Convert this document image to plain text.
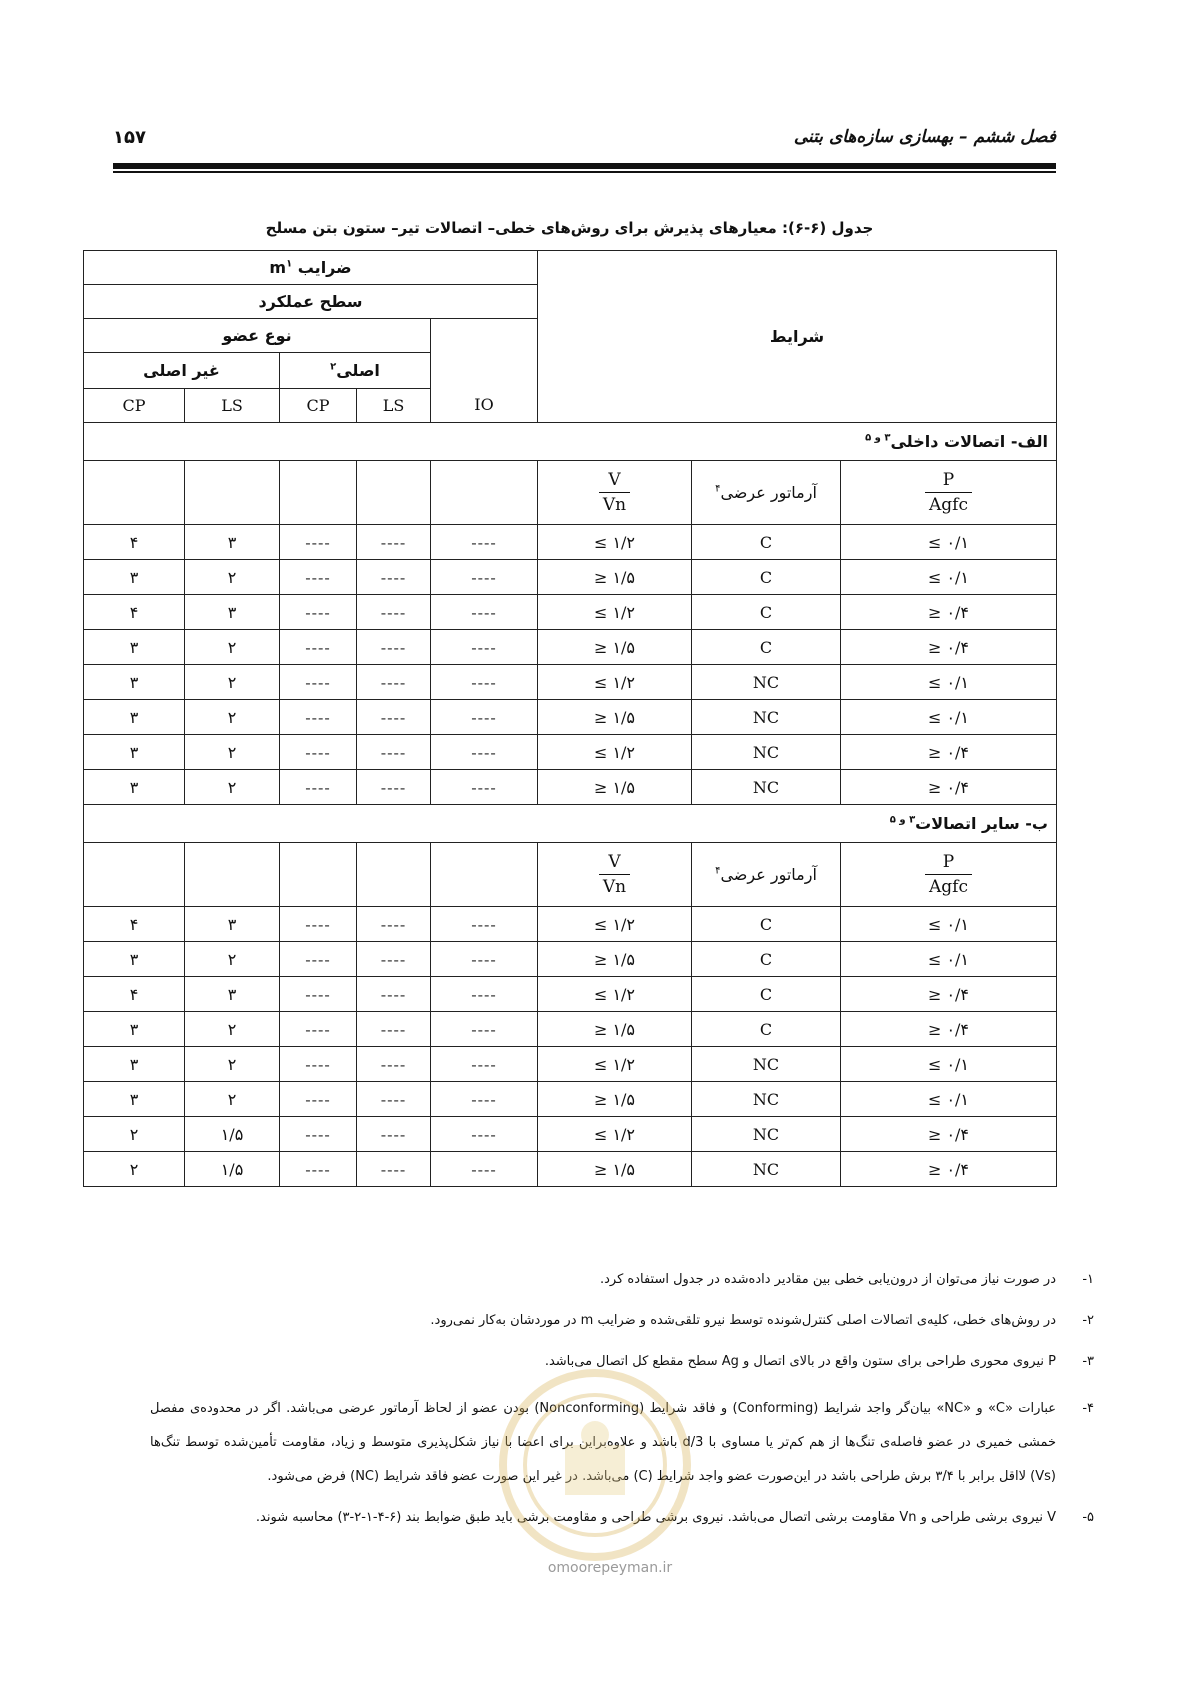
فصل ششم – بهسازی سازه‌های بتنی
۱۵۷
جدول (۶-۶): معیارهای پذیرش برای روش‌های خطی– اتصالات تیر– ستون بتن مسلح
ضرایب $m^۱$					شرایط		
سطح عملکرد							
نوع عضو				IO			
غیر اصلی		اصلی$^۲$
CP	LS	CP	LS				
الف- اتصالات داخلی$^{۳ و ۵}$

					$\frac{V}{Vn}$	آرماتور عرضی$^۴$	$\frac{P}{\text{Agfc}}$

۴	۳	----	----	----	≤ ۱/۲	C	≤ ۰/۱
۳	۲	----	----	----	≥ ۱/۵	C	≤ ۰/۱
۴	۳	----	----	----	≤ ۱/۲	C	≥ ۰/۴
۳	۲	----	----	----	≥ ۱/۵	C	≥ ۰/۴
۳	۲	----	----	----	≤ ۱/۲	NC	≤ ۰/۱
۳	۲	----	----	----	≥ ۱/۵	NC	≤ ۰/۱
۳	۲	----	----	----	≤ ۱/۲	NC	≥ ۰/۴
۳	۲	----	----	----	≥ ۱/۵	NC	≥ ۰/۴
ب- سایر اتصالات$^{۳ و ۵}$

					$\frac{V}{Vn}$	آرماتور عرضی$^۴$	$\frac{P}{\text{Agfc}}$

۴	۳	----	----	----	≤ ۱/۲	C	≤ ۰/۱
۳	۲	----	----	----	≥ ۱/۵	C	≤ ۰/۱
۴	۳	----	----	----	≤ ۱/۲	C	≥ ۰/۴
۳	۲	----	----	----	≥ ۱/۵	C	≥ ۰/۴
۳	۲	----	----	----	≤ ۱/۲	NC	≤ ۰/۱
۳	۲	----	----	----	≥ ۱/۵	NC	≤ ۰/۱
۲	۱/۵	----	----	----	≤ ۱/۲	NC	≥ ۰/۴
۲	۱/۵	----	----	----	≥ ۱/۵	NC	≥ ۰/۴
۱-
در صورت نیاز می‌توان از درون‌یابی خطی بین مقادیر داده‌شده در جدول استفاده کرد.
۲-
در روش‌های خطی، کلیه‌ی اتصالات اصلی کنترل‌شونده توسط نیرو تلقی‌شده و ضرایب m در موردشان به‌کار نمی‌رود.
۳-
P نیروی محوری طراحی برای ستون واقع در بالای اتصال و Ag سطح مقطع کل اتصال می‌باشد.
۴-
عبارات «C» و «NC» بیان‌گر واجد شرایط (Conforming) و فاقد شرایط (Nonconforming) بودن عضو از لحاظ آرماتور عرضی می‌باشد. اگر در محدوده‌ی مفصل خمشی خمیری در عضو فاصله‌ی تنگ‌ها از هم کم‌تر یا مساوی با d/3 باشد و علاوه‌براین برای اعضا با نیاز شکل‌پذیری متوسط و زیاد، مقاومت تأمین‌شده توسط تنگ‌ها (Vs) لااقل برابر با ۳/۴ برش طراحی باشد در این‌صورت عضو واجد شرایط (C) می‌باشد. در غیر این صورت عضو فاقد شرایط (NC) فرض می‌شود.
۵-
V نیروی برشی طراحی و Vn مقاومت برشی اتصال می‌باشد. نیروی برشی طراحی و مقاومت برشی باید طبق ضوابط بند (۶-۴-۱-۲-۳) محاسبه شوند.
omoorepeyman.ir
